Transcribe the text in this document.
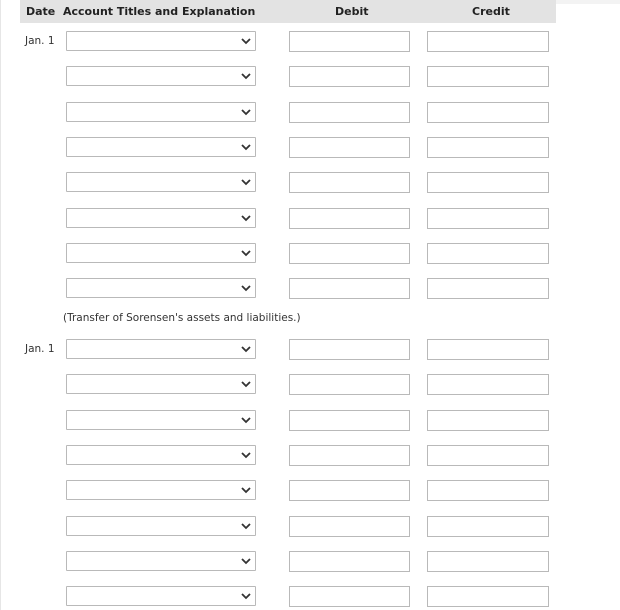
Date Account Titles and Explanation	Debit	Credit
Jan. 1
Jan. 1
(Transfer of Sorensen's assets and liabilities.)
